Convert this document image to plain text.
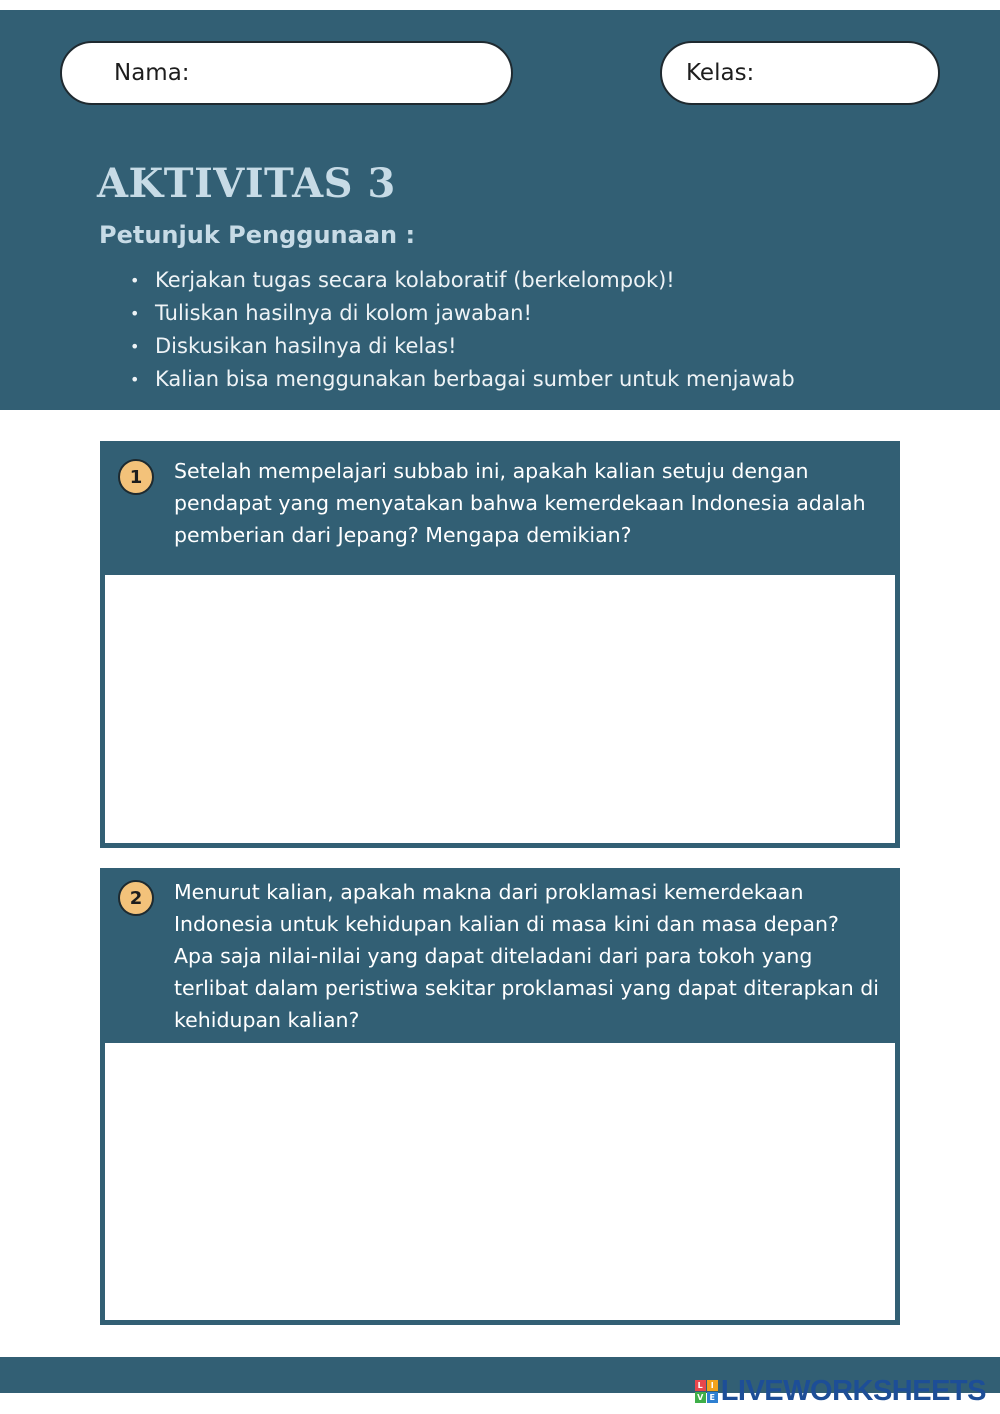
Nama:	Kelas:
AKTIVITAS 3
Petunjuk Penggunaan :
• Kerjakan tugas secara kolaboratif (berkelompok)!
• Tuliskan hasilnya di kolom jawaban!
• Diskusikan hasilnya di kelas!
• Kalian bisa menggunakan berbagai sumber untuk menjawab
1	Setelah mempelajari subbab ini, apakah kalian setuju dengan pendapat yang menyatakan bahwa kemerdekaan Indonesia adalah pemberian dari Jepang? Mengapa demikian?

2	Menurut kalian, apakah makna dari proklamasi kemerdekaan Indonesia untuk kehidupan kalian di masa kini dan masa depan? Apa saja nilai-nilai yang dapat diteladani dari para tokoh yang terlibat dalam peristiwa sekitar proklamasi yang dapat diterapkan di kehidupan kalian?

L I
V E LIVEWORKSHEETS
